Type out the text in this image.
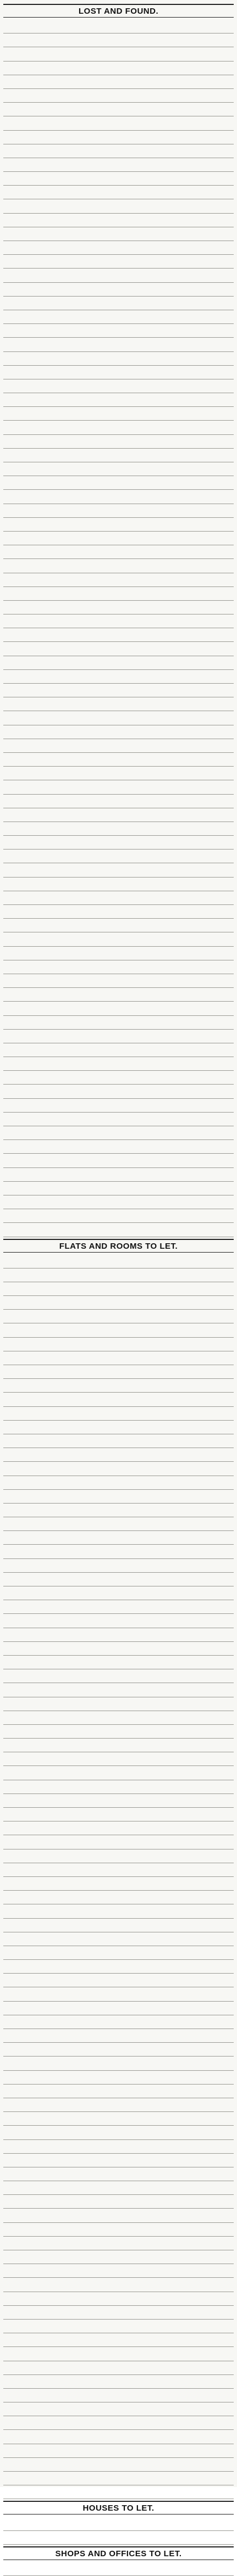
LOST AND FOUND.
FLATS AND ROOMS TO LET.
HOUSES TO LET.
SHOPS AND OFFICES TO LET.
